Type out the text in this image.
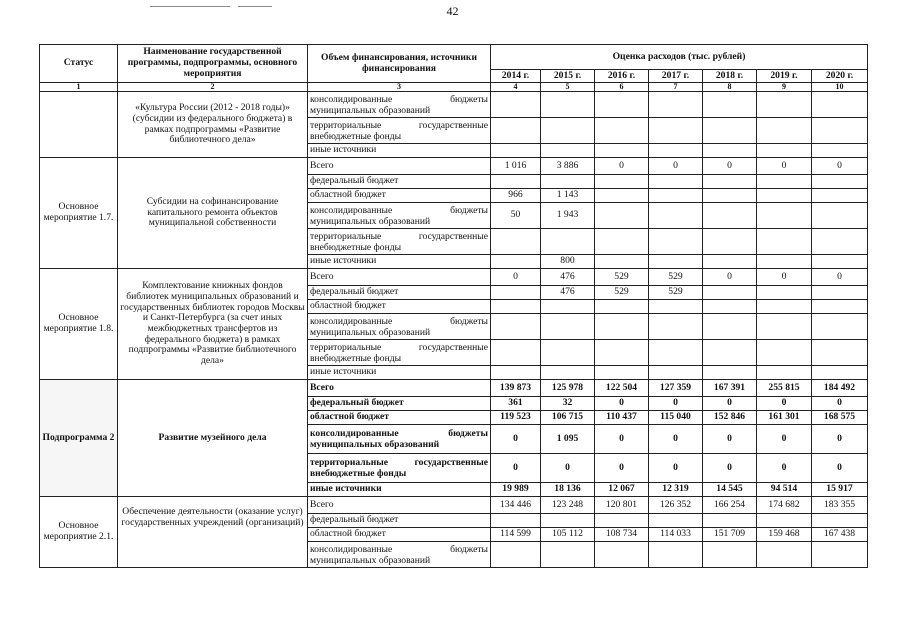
42
Статус	Наименование государственной программы, подпрограммы, основного мероприятия	Объем финансирования, источники финансирования	Оценка расходов (тыс. рублей)						
			2014 г.	2015 г.	2016 г.	2017 г.	2018 г.	2019 г.	2020 г.
1	2	3	4	5	6	7	8	9	10
	«Культура России (2012 - 2018 годы)» (субсидии из федерального бюджета) в рамках подпрограммы «Развитие библиотечного дела»	консолидированные бюджеты
муниципальных образований							

		территориальные государственные
внебюджетные фонды							

		иные источники							
Основное мероприятие 1.7.	Субсидии на софинансирование капитального ремонта объектов муниципальной собственности	Всего	1 016	3 886	0	0	0	0	0
		федеральный бюджет							
		областной бюджет	966	1 143					

		консолидированные бюджеты
муниципальных образований	50	1 943					

		территориальные государственные
внебюджетные фонды							

		иные источники		800					
Основное мероприятие 1.8.	Комплектование книжных фондов библиотек муниципальных образований и государственных библиотек городов Москвы и Санкт-Петербурга (за счет иных межбюджетных трансфертов из федерального бюджета) в рамках подпрограммы «Развитие библиотечного дела»	Всего	0	476	529	529	0	0	0
		федеральный бюджет		476	529	529			
		областной бюджет							

		консолидированные бюджеты
муниципальных образований							

		территориальные государственные
внебюджетные фонды							

		иные источники							
Подпрограмма 2	Развитие музейного дела	Всего	139 873	125 978	122 504	127 359	167 391	255 815	184 492
		федеральный бюджет	361	32	0	0	0	0	0
		областной бюджет	119 523	106 715	110 437	115 040	152 846	161 301	168 575

		консолидированные бюджеты
муниципальных образований	0	1 095	0	0	0	0	0

		территориальные государственные
внебюджетные фонды	0	0	0	0	0	0	0
		иные источники	19 989	18 136	12 067	12 319	14 545	94 514	15 917
Основное мероприятие 2.1.	Обеспечение деятельности (оказание услуг) государственных учреждений (организаций)	Всего	134 446	123 248	120 801	126 352	166 254	174 682	183 355
		федеральный бюджет							
		областной бюджет	114 599	105 112	108 734	114 033	151 709	159 468	167 438

		консолидированные бюджеты
муниципальных образований							
